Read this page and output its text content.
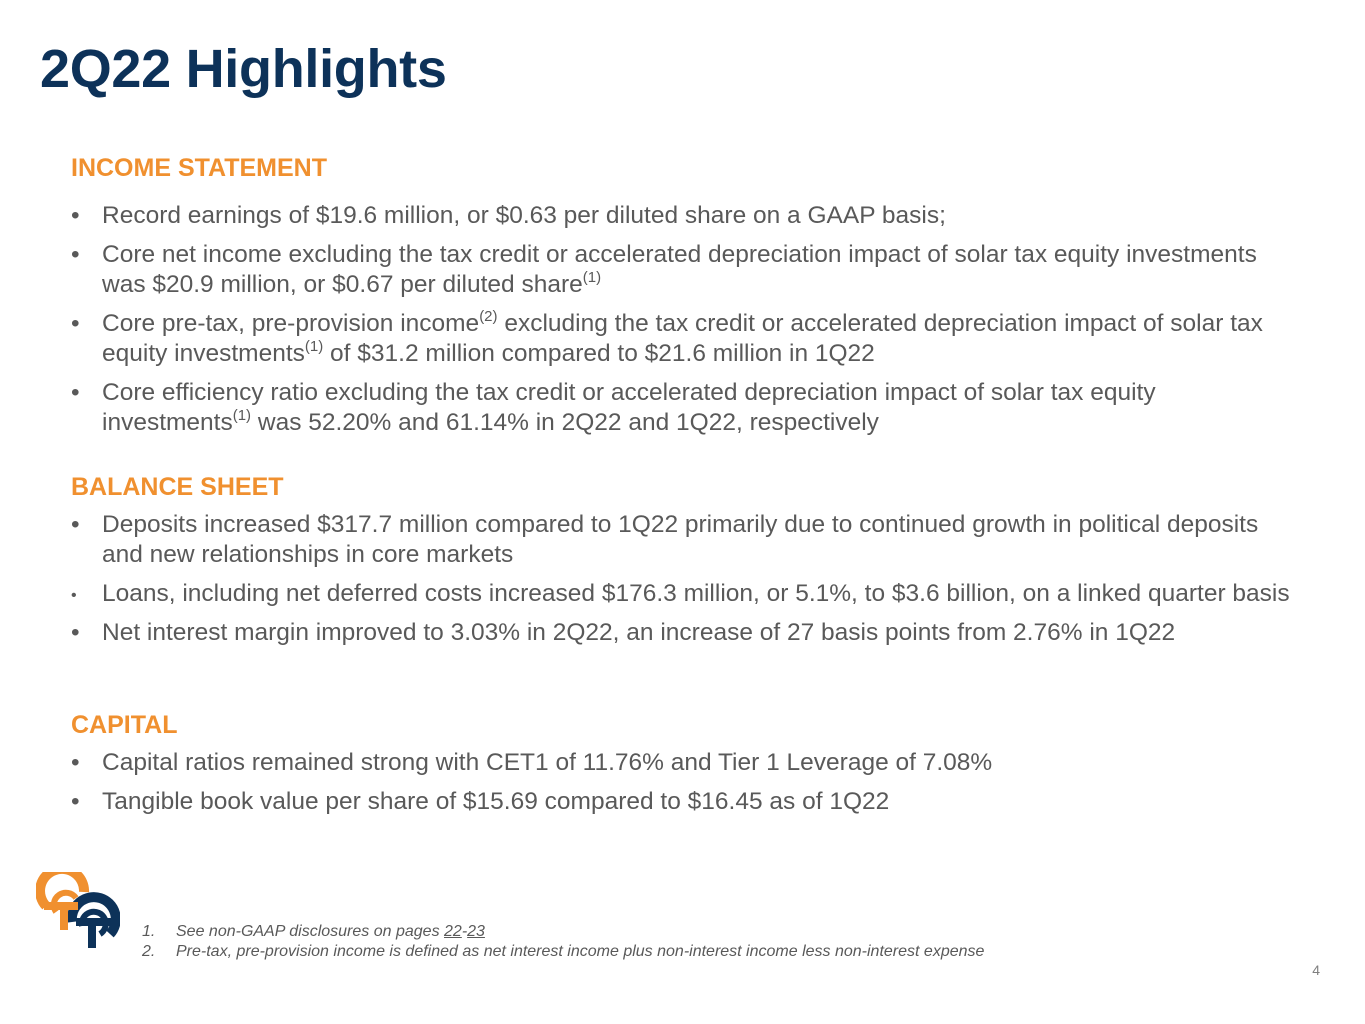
2Q22 Highlights
INCOME STATEMENT
• Record earnings of $19.6 million, or $0.63 per diluted share on a GAAP basis;
• Core net income excluding the tax credit or accelerated depreciation impact of solar tax equity investments was $20.9 million, or $0.67 per diluted share$^{(1)}$
• Core pre-tax, pre-provision income$^{(2)}$ excluding the tax credit or accelerated depreciation impact of solar tax equity investments$^{(1)}$ of $31.2 million compared to $21.6 million in 1Q22
• Core efficiency ratio excluding the tax credit or accelerated depreciation impact of solar tax equity investments$^{(1)}$ was 52.20% and 61.14% in 2Q22 and 1Q22, respectively
BALANCE SHEET
• Deposits increased $317.7 million compared to 1Q22 primarily due to continued growth in political deposits and new relationships in core markets
•	Loans, including net deferred costs increased $176.3 million, or 5.1%, to $3.6 billion, on a linked quarter basis
• Net interest margin improved to 3.03% in 2Q22, an increase of 27 basis points from 2.76% in 1Q22
CAPITAL
• Capital ratios remained strong with CET1 of 11.76% and Tier 1 Leverage of 7.08%
• Tangible book value per share of $15.69 compared to $16.45 as of 1Q22
1.	See non-GAAP disclosures on pages 22-23
2.	Pre-tax, pre-provision income is defined as net interest income plus non-interest income less non-interest expense
4
